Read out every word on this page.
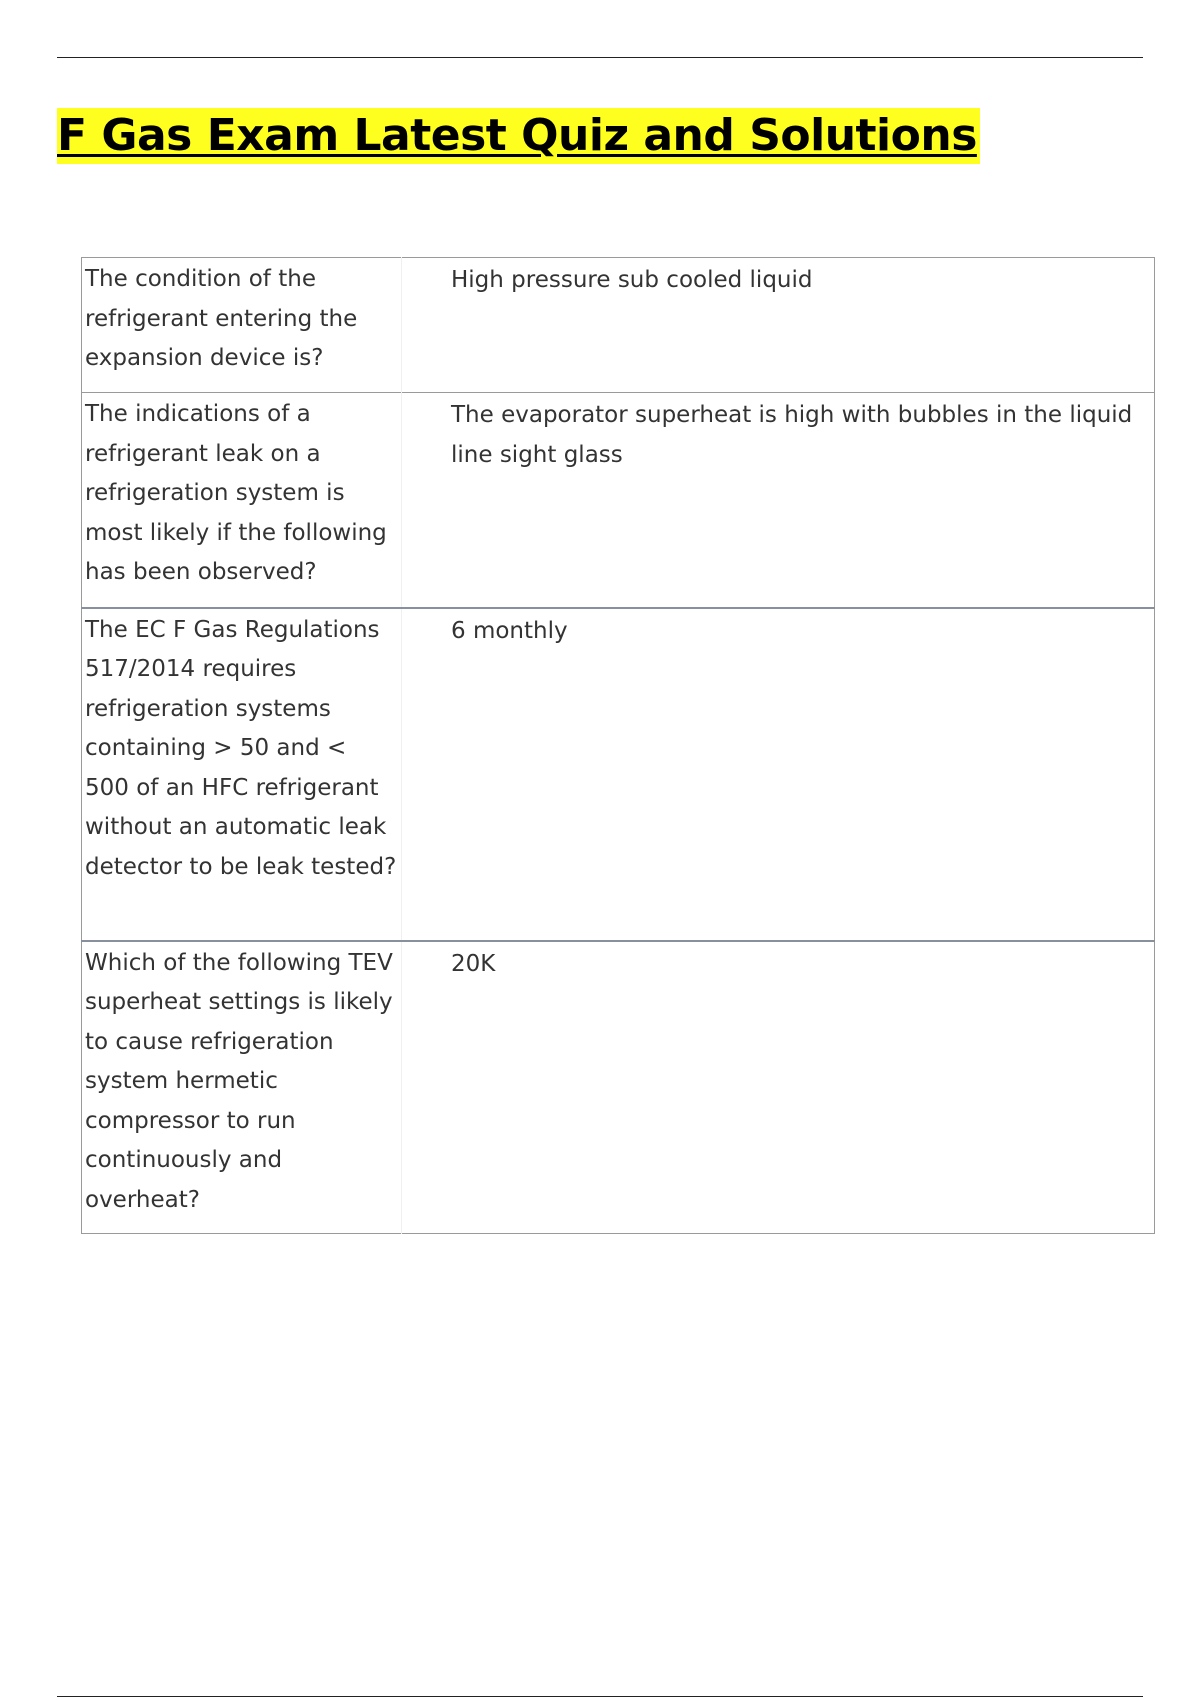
F Gas Exam Latest Quiz and Solutions
The condition of the refrigerant entering the expansion device is?	High pressure sub cooled liquid

The indications of a refrigerant leak on a refrigeration system is most likely if the following has been observed?	The evaporator superheat is high with bubbles in the liquid line sight glass

The EC F Gas Regulations 517/2014 requires refrigeration systems containing > 50 and < 500 of an HFC refrigerant without an automatic leak detector to be leak tested?	6 monthly

Which of the following TEV superheat settings is likely to cause refrigeration system hermetic compressor to run continuously and overheat?	20K
